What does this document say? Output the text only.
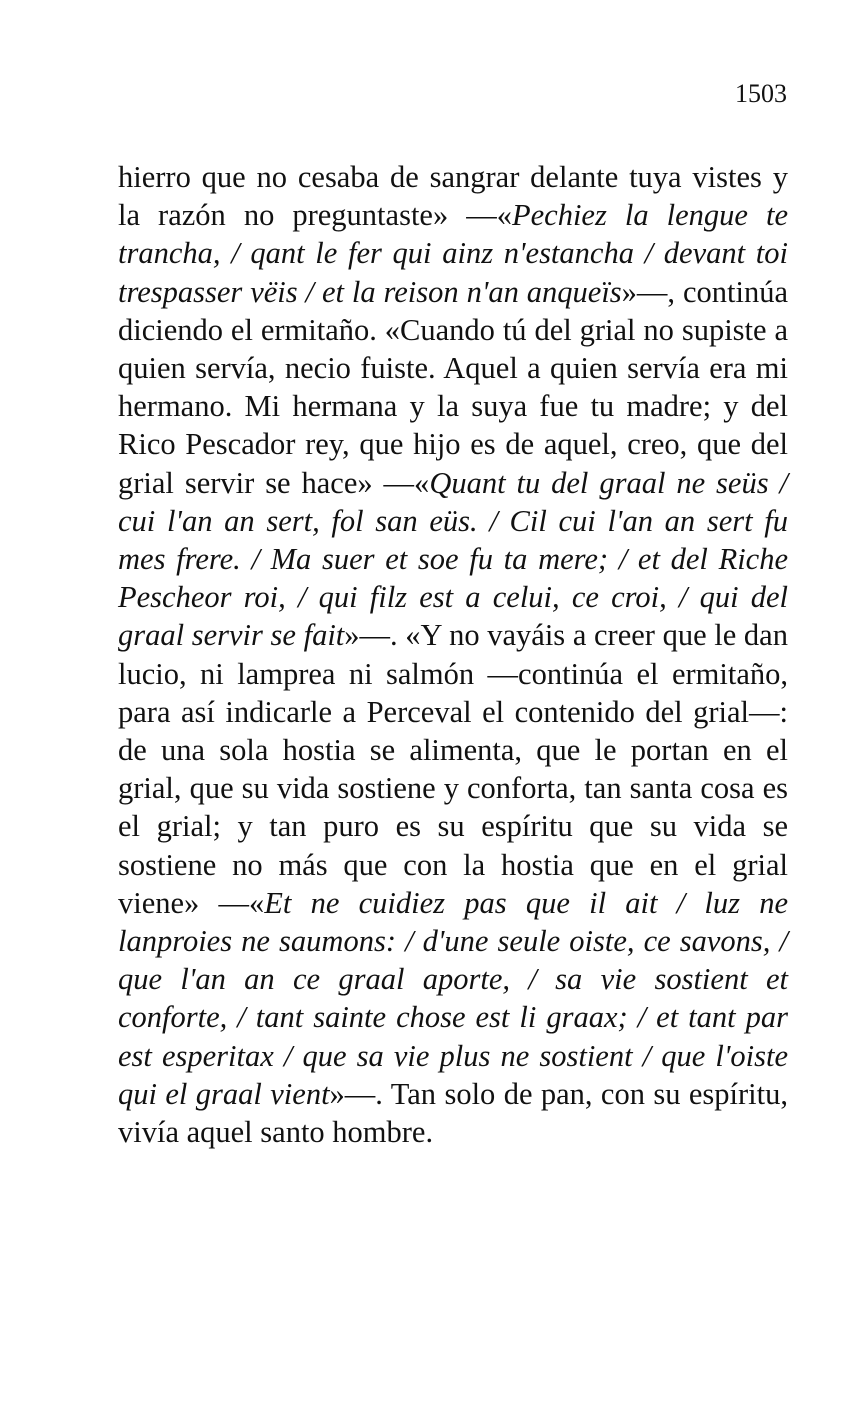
1503

hierro que no cesaba de sangrar delante tuya vistes y la razón no preguntaste» —«Pechiez la lengue te trancha, / qant le fer qui ainz n'estancha / devant toi trespasser vëis / et la reison n'an anqueïs»—, continúa diciendo el ermitaño. «Cuando tú del grial no supiste a quien servía, necio fuiste. Aquel a quien servía era mi hermano. Mi hermana y la suya fue tu madre; y del Rico Pescador rey, que hijo es de aquel, creo, que del grial servir se hace» —«Quant tu del graal ne seüs / cui l'an an sert, fol san eüs. / Cil cui l'an an sert fu mes frere. / Ma suer et soe fu ta mere; / et del Riche Pescheor roi, / qui filz est a celui, ce croi, / qui del graal servir se fait»—. «Y no vayáis a creer que le dan lucio, ni lamprea ni salmón —continúa el ermitaño, para así indicarle a Perceval el contenido del grial—: de una sola hostia se alimenta, que le portan en el grial, que su vida sostiene y conforta, tan santa cosa es el grial; y tan puro es su espíritu que su vida se sostiene no más que con la hostia que en el grial viene» —«Et ne cuidiez pas que il ait / luz ne lanproies ne saumons: / d'une seule oiste, ce savons, / que l'an an ce graal aporte, / sa vie sostient et conforte, / tant sainte chose est li graax; / et tant par est esperitax / que sa vie plus ne sostient / que l'oiste qui el graal vient»—. Tan solo de pan, con su espíritu, vivía aquel santo hombre.
